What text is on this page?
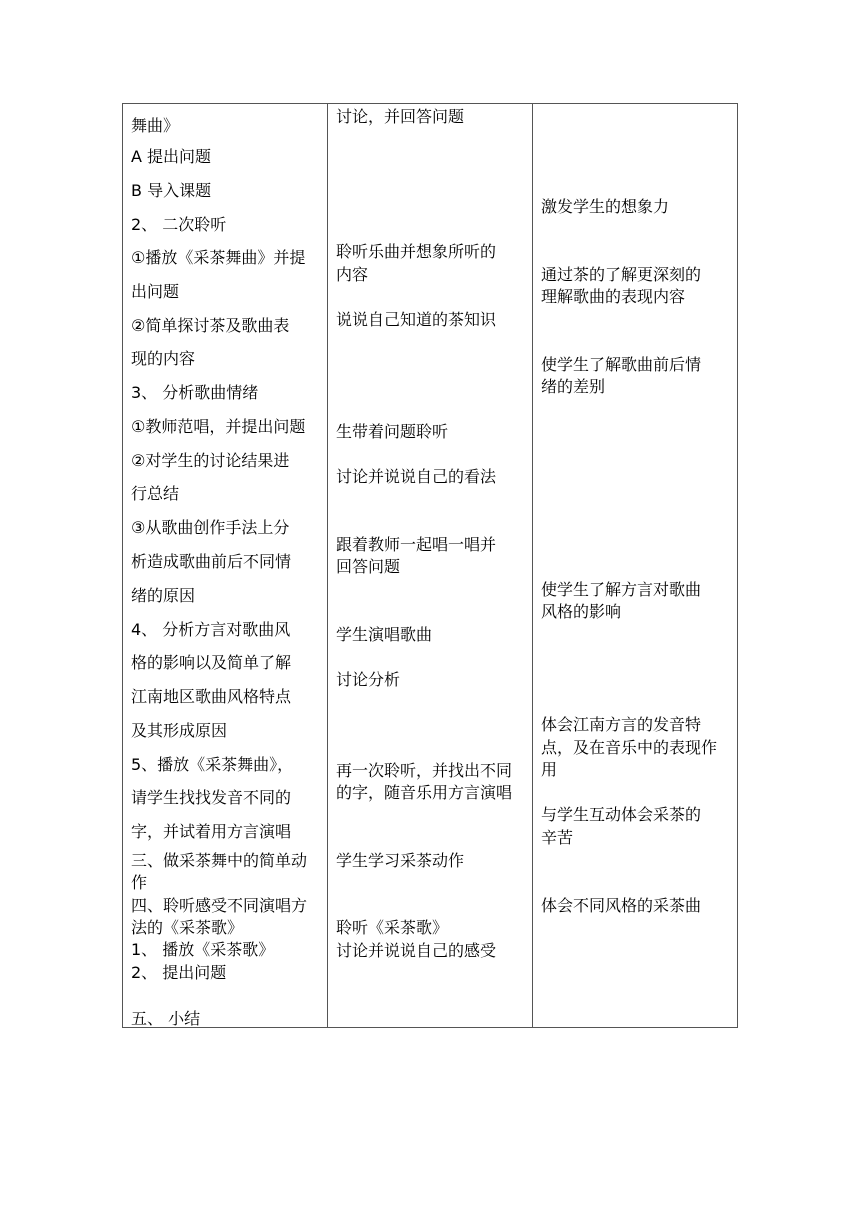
舞曲》
A 提出问题
B 导入课题
2、 二次聆听
①播放《采茶舞曲》并提
出问题
②简单探讨茶及歌曲表
现的内容
3、 分析歌曲情绪
①教师范唱，并提出问题
②对学生的讨论结果进
行总结
③从歌曲创作手法上分
析造成歌曲前后不同情
绪的原因
4、 分析方言对歌曲风
格的影响以及简单了解
江南地区歌曲风格特点
及其形成原因
5、播放《采茶舞曲》，
请学生找找发音不同的
字，并试着用方言演唱
三、做采茶舞中的简单动
作
四、聆听感受不同演唱方
法的《采茶歌》
1、 播放《采茶歌》
2、 提出问题
五、 小结
讨论，并回答问题
聆听乐曲并想象所听的
内容
说说自己知道的茶知识
生带着问题聆听
讨论并说说自己的看法
跟着教师一起唱一唱并
回答问题
学生演唱歌曲
讨论分析
再一次聆听，并找出不同
的字，随音乐用方言演唱
学生学习采茶动作
聆听《采茶歌》
讨论并说说自己的感受
激发学生的想象力
通过茶的了解更深刻的
理解歌曲的表现内容
使学生了解歌曲前后情
绪的差别
使学生了解方言对歌曲
风格的影响
体会江南方言的发音特
点，及在音乐中的表现作
用
与学生互动体会采茶的
辛苦
体会不同风格的采茶曲
